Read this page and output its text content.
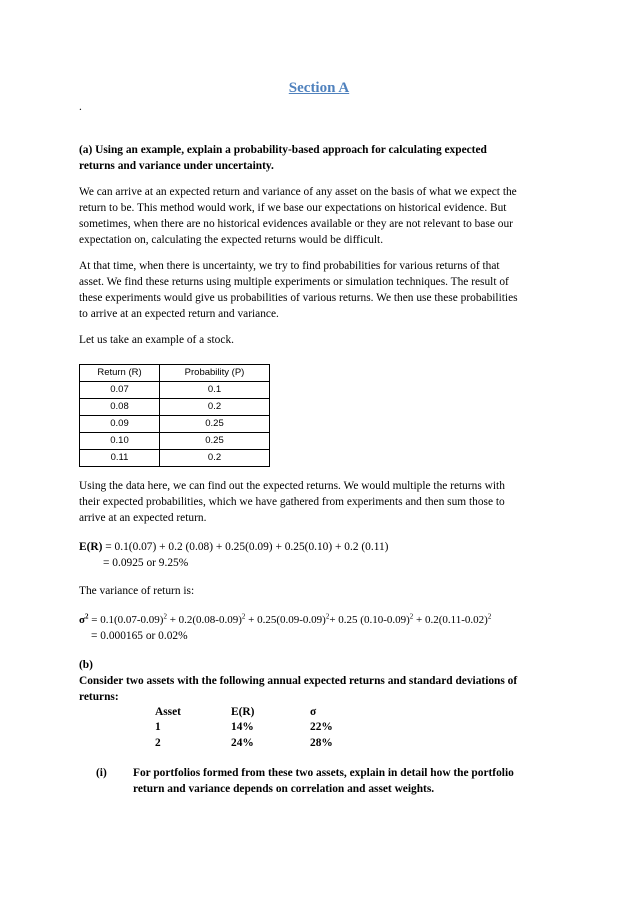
Section A
.
(a) Using an example, explain a probability-based approach for calculating expected
returns and variance under uncertainty.
We can arrive at an expected return and variance of any asset on the basis of what we expect the
return to be. This method would work, if we base our expectations on historical evidence. But
sometimes, when there are no historical evidences available or they are not relevant to base our
expectation on, calculating the expected returns would be difficult.
At that time, when there is uncertainty, we try to find probabilities for various returns of that
asset. We find these returns using multiple experiments or simulation techniques. The result of
these experiments would give us probabilities of various returns. We then use these probabilities
to arrive at an expected return and variance.
Let us take an example of a stock.
Return (R)	Probability (P)
0.07	0.1
0.08	0.2
0.09	0.25
0.10	0.25
0.11	0.2
Using the data here, we can find out the expected returns. We would multiple the returns with
their expected probabilities, which we have gathered from experiments and then sum those to
arrive at an expected return.
E(R) = 0.1(0.07) + 0.2 (0.08) + 0.25(0.09) + 0.25(0.10) + 0.2 (0.11)
= 0.0925 or 9.25%
The variance of return is:
$\sigma^2 = 0.1(0.07-0.09)^2 + 0.2(0.08-0.09)^2 + 0.25(0.09-0.09)^2+ 0.25$ $(0.10-0.09)^2 + 0.2(0.11-0.02)^2$
= 0.000165 or 0.02%
(b)
Consider two assets with the following annual expected returns and standard deviations of
returns:
Asset	E(R)	σ
1	14%	22%
2	24%	28%
(i) For portfolios formed from these two assets, explain in detail how the portfolio
return and variance depends on correlation and asset weights.
